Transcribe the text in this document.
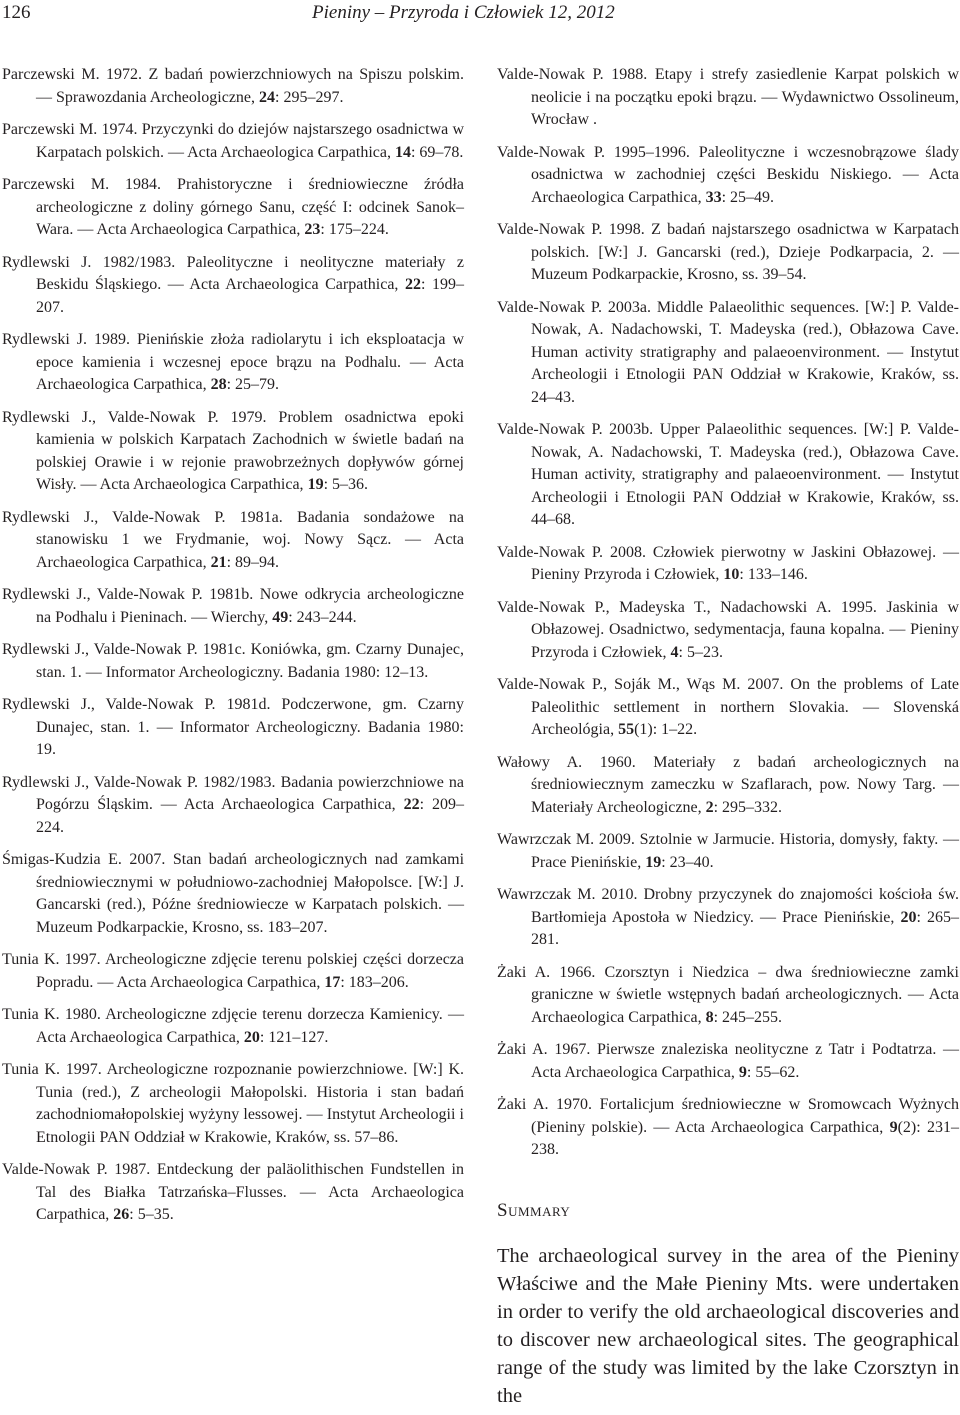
126	Pieniny – Przyroda i Człowiek 12, 2012
Parczewski M. 1972. Z badań powierzchniowych na Spiszu polskim. — Sprawozdania Archeologiczne, 24: 295–297.
Parczewski M. 1974. Przyczynki do dziejów najstarszego osadnictwa w Karpatach polskich. — Acta Archaeologica Carpathica, 14: 69–78.
Parczewski M. 1984. Prahistoryczne i średniowieczne źródła archeologiczne z doliny górnego Sanu, część I: odcinek Sanok–Wara. — Acta Archaeologica Carpathica, 23: 175–224.
Rydlewski J. 1982/1983. Paleolityczne i neolityczne materiały z Beskidu Śląskiego. — Acta Archaeologica Carpathica, 22: 199–207.
Rydlewski J. 1989. Pienińskie złoża radiolarytu i ich eksploatacja w epoce kamienia i wczesnej epoce brązu na Podhalu. — Acta Archaeologica Carpathica, 28: 25–79.
Rydlewski J., Valde-Nowak P. 1979. Problem osadnictwa epoki kamienia w polskich Karpatach Zachodnich w świetle badań na polskiej Orawie i w rejonie prawobrzeżnych dopływów górnej Wisły. — Acta Archaeologica Carpathica, 19: 5–36.
Rydlewski J., Valde-Nowak P. 1981a. Badania sondażowe na stanowisku 1 we Frydmanie, woj. Nowy Sącz. — Acta Archaeologica Carpathica, 21: 89–94.
Rydlewski J., Valde-Nowak P. 1981b. Nowe odkrycia archeologiczne na Podhalu i Pieninach. — Wierchy, 49: 243–244.
Rydlewski J., Valde-Nowak P. 1981c. Koniówka, gm. Czarny Dunajec, stan. 1. — Informator Archeologiczny. Badania 1980: 12–13.
Rydlewski J., Valde-Nowak P. 1981d. Podczerwone, gm. Czarny Dunajec, stan. 1. — Informator Archeologiczny. Badania 1980: 19.
Rydlewski J., Valde-Nowak P. 1982/1983. Badania powierzchniowe na Pogórzu Śląskim. — Acta Archaeologica Carpathica, 22: 209–224.
Śmigas-Kudzia E. 2007. Stan badań archeologicznych nad zamkami średniowiecznymi w południowo-zachodniej Małopolsce. [W:] J. Gancarski (red.), Późne średniowiecze w Karpatach polskich. — Muzeum Podkarpackie, Krosno, ss. 183–207.
Tunia K. 1997. Archeologiczne zdjęcie terenu polskiej części dorzecza Popradu. — Acta Archaeologica Carpathica, 17: 183–206.
Tunia K. 1980. Archeologiczne zdjęcie terenu dorzecza Kamienicy. — Acta Archaeologica Carpathica, 20: 121–127.
Tunia K. 1997. Archeologiczne rozpoznanie powierzchniowe. [W:] K. Tunia (red.), Z archeologii Małopolski. Historia i stan badań zachodniomałopolskiej wyżyny lessowej. — Instytut Archeologii i Etnologii PAN Oddział w Krakowie, Kraków, ss. 57–86.
Valde-Nowak P. 1987. Entdeckung der paläolithischen Fundstellen in Tal des Białka Tatrzańska–Flusses. — Acta Archaeologica Carpathica, 26: 5–35.
Valde-Nowak P. 1988. Etapy i strefy zasiedlenie Karpat polskich w neolicie i na początku epoki brązu. — Wydawnictwo Ossolineum, Wrocław .
Valde-Nowak P. 1995–1996. Paleolityczne i wczesnobrązowe ślady osadnictwa w zachodniej części Beskidu Niskiego. — Acta Archaeologica Carpathica, 33: 25–49.
Valde-Nowak P. 1998. Z badań najstarszego osadnictwa w Karpatach polskich. [W:] J. Gancarski (red.), Dzieje Podkarpacia, 2. — Muzeum Podkarpackie, Krosno, ss. 39–54.
Valde-Nowak P. 2003a. Middle Palaeolithic sequences. [W:] P. Valde-Nowak, A. Nadachowski, T. Madeyska (red.), Obłazowa Cave. Human activity stratigraphy and palaeoenvironment. — Instytut Archeologii i Etnologii PAN Oddział w Krakowie, Kraków, ss. 24–43.
Valde-Nowak P. 2003b. Upper Palaeolithic sequences. [W:] P. Valde-Nowak, A. Nadachowski, T. Madeyska (red.), Obłazowa Cave. Human activity, stratigraphy and palaeoenvironment. — Instytut Archeologii i Etnologii PAN Oddział w Krakowie, Kraków, ss. 44–68.
Valde-Nowak P. 2008. Człowiek pierwotny w Jaskini Obłazowej. — Pieniny Przyroda i Człowiek, 10: 133–146.
Valde-Nowak P., Madeyska T., Nadachowski A. 1995. Jaskinia w Obłazowej. Osadnictwo, sedymentacja, fauna kopalna. — Pieniny Przyroda i Człowiek, 4: 5–23.
Valde-Nowak P., Soják M., Wąs M. 2007. On the problems of Late Paleolithic settlement in northern Slovakia. — Slovenská Archeológia, 55(1): 1–22.
Wałowy A. 1960. Materiały z badań archeologicznych na średniowiecznym zameczku w Szaflarach, pow. Nowy Targ. — Materiały Archeologiczne, 2: 295–332.
Wawrzczak M. 2009. Sztolnie w Jarmucie. Historia, domysły, fakty. — Prace Pienińskie, 19: 23–40.
Wawrzczak M. 2010. Drobny przyczynek do znajomości kościoła św. Bartłomieja Apostoła w Niedzicy. — Prace Pienińskie, 20: 265–281.
Żaki A. 1966. Czorsztyn i Niedzica – dwa średniowieczne zamki graniczne w świetle wstępnych badań archeologicznych. — Acta Archaeologica Carpathica, 8: 245–255.
Żaki A. 1967. Pierwsze znaleziska neolityczne z Tatr i Podtatrza. — Acta Archaeologica Carpathica, 9: 55–62.
Żaki A. 1970. Fortalicjum średniowieczne w Sromowcach Wyżnych (Pieniny polskie). — Acta Archaeologica Carpathica, 9(2): 231–238.
Summary

The archaeological survey in the area of the Pieniny Właściwe and the Małe Pieniny Mts. were undertaken in order to verify the old archaeological discoveries and to discover new archaeological sites. The geographical range of the study was limited by the lake Czorsztyn in the
